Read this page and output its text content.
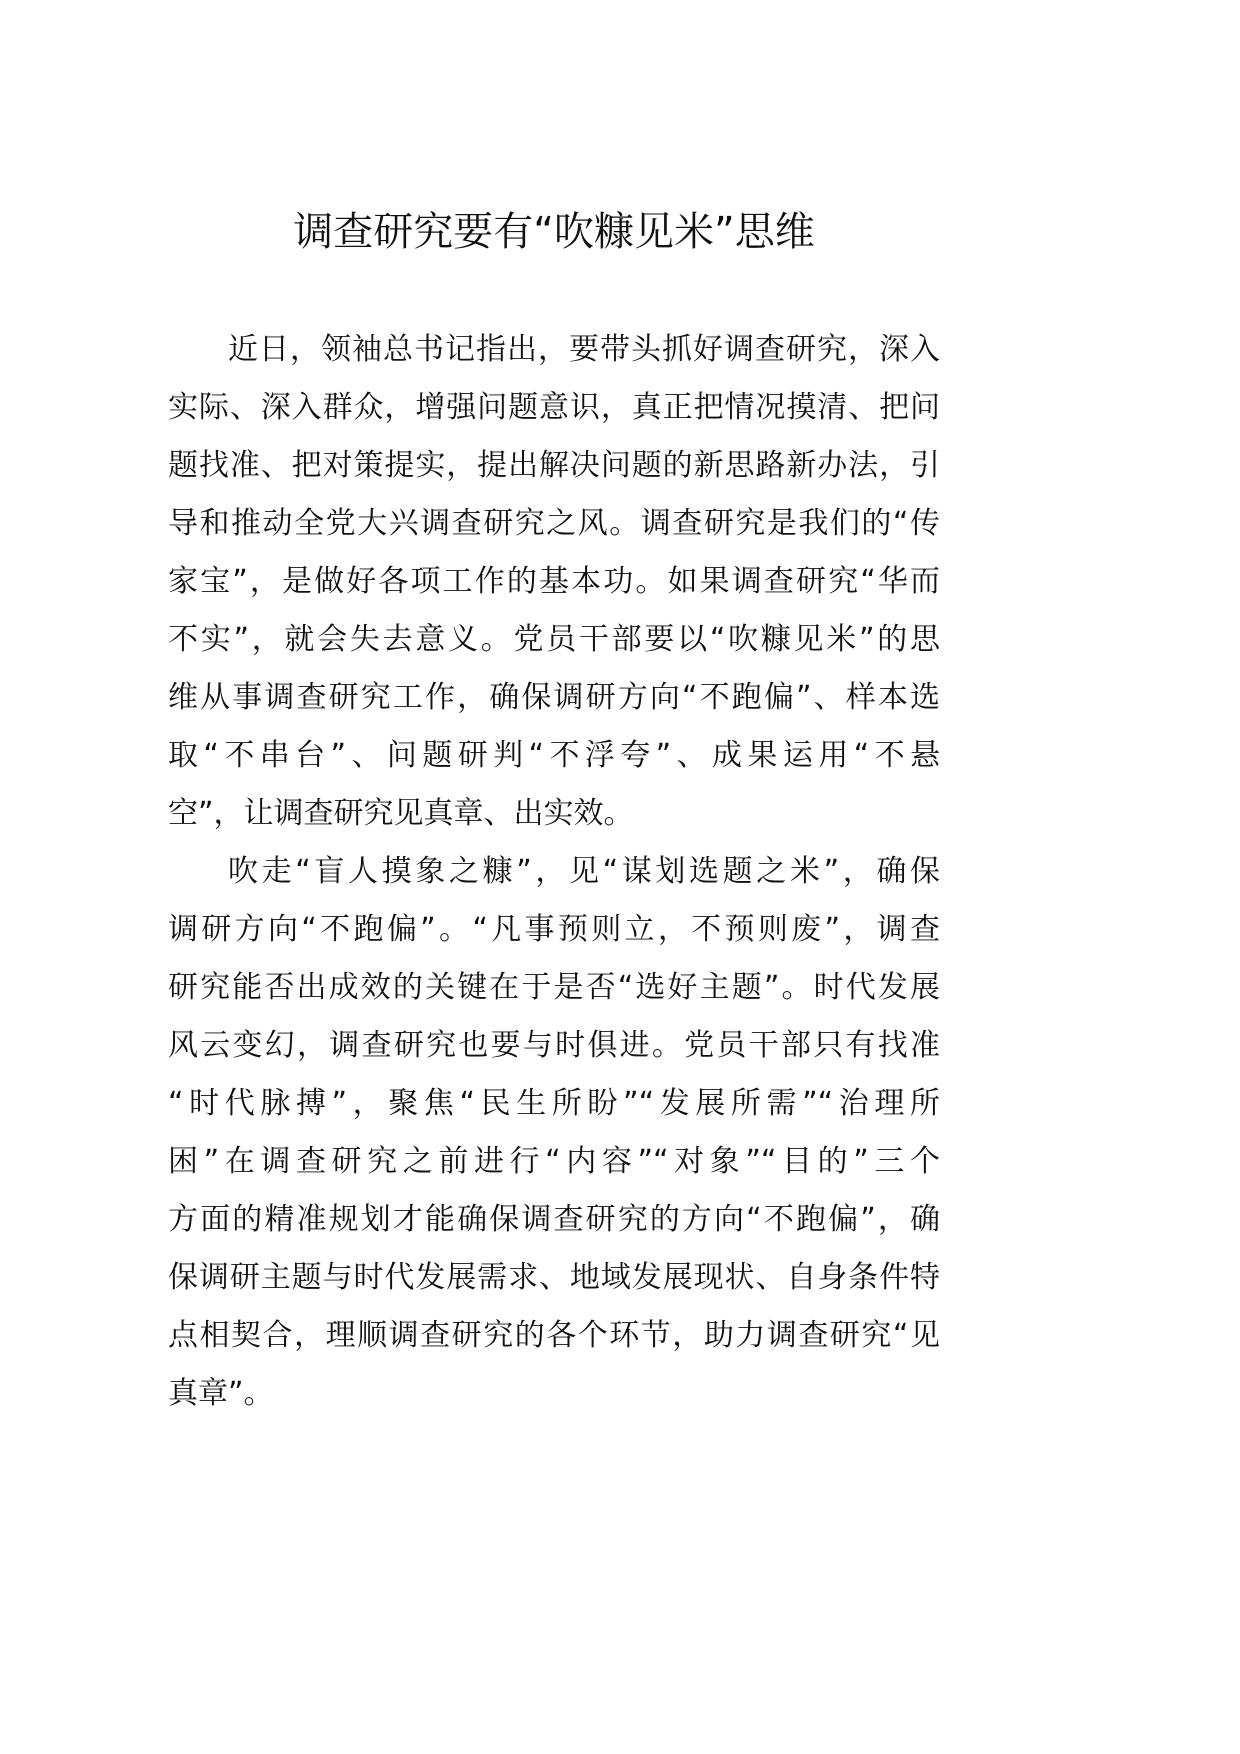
调查研究要有“吹糠见米”思维
近日，领袖总书记指出，要带头抓好调查研究，深入
实际、深入群众，增强问题意识，真正把情况摸清、把问
题找准、把对策提实，提出解决问题的新思路新办法，引
导和推动全党大兴调查研究之风。调查研究是我们的“传
家宝”，是做好各项工作的基本功。如果调查研究“华而
不实”，就会失去意义。党员干部要以“吹糠见米”的思
维从事调查研究工作，确保调研方向“不跑偏”、样本选
取“不串台”、问题研判“不浮夸”、成果运用“不悬
空”，让调查研究见真章、出实效。
吹走“盲人摸象之糠”，见“谋划选题之米”，确保
调研方向“不跑偏”。“凡事预则立，不预则废”，调查
研究能否出成效的关键在于是否“选好主题”。时代发展
风云变幻，调查研究也要与时俱进。党员干部只有找准
“时代脉搏”，聚焦“民生所盼”“发展所需”“治理所
困”在调查研究之前进行“内容”“对象”“目的”三个
方面的精准规划才能确保调查研究的方向“不跑偏”，确
保调研主题与时代发展需求、地域发展现状、自身条件特
点相契合，理顺调查研究的各个环节，助力调查研究“见
真章”。
